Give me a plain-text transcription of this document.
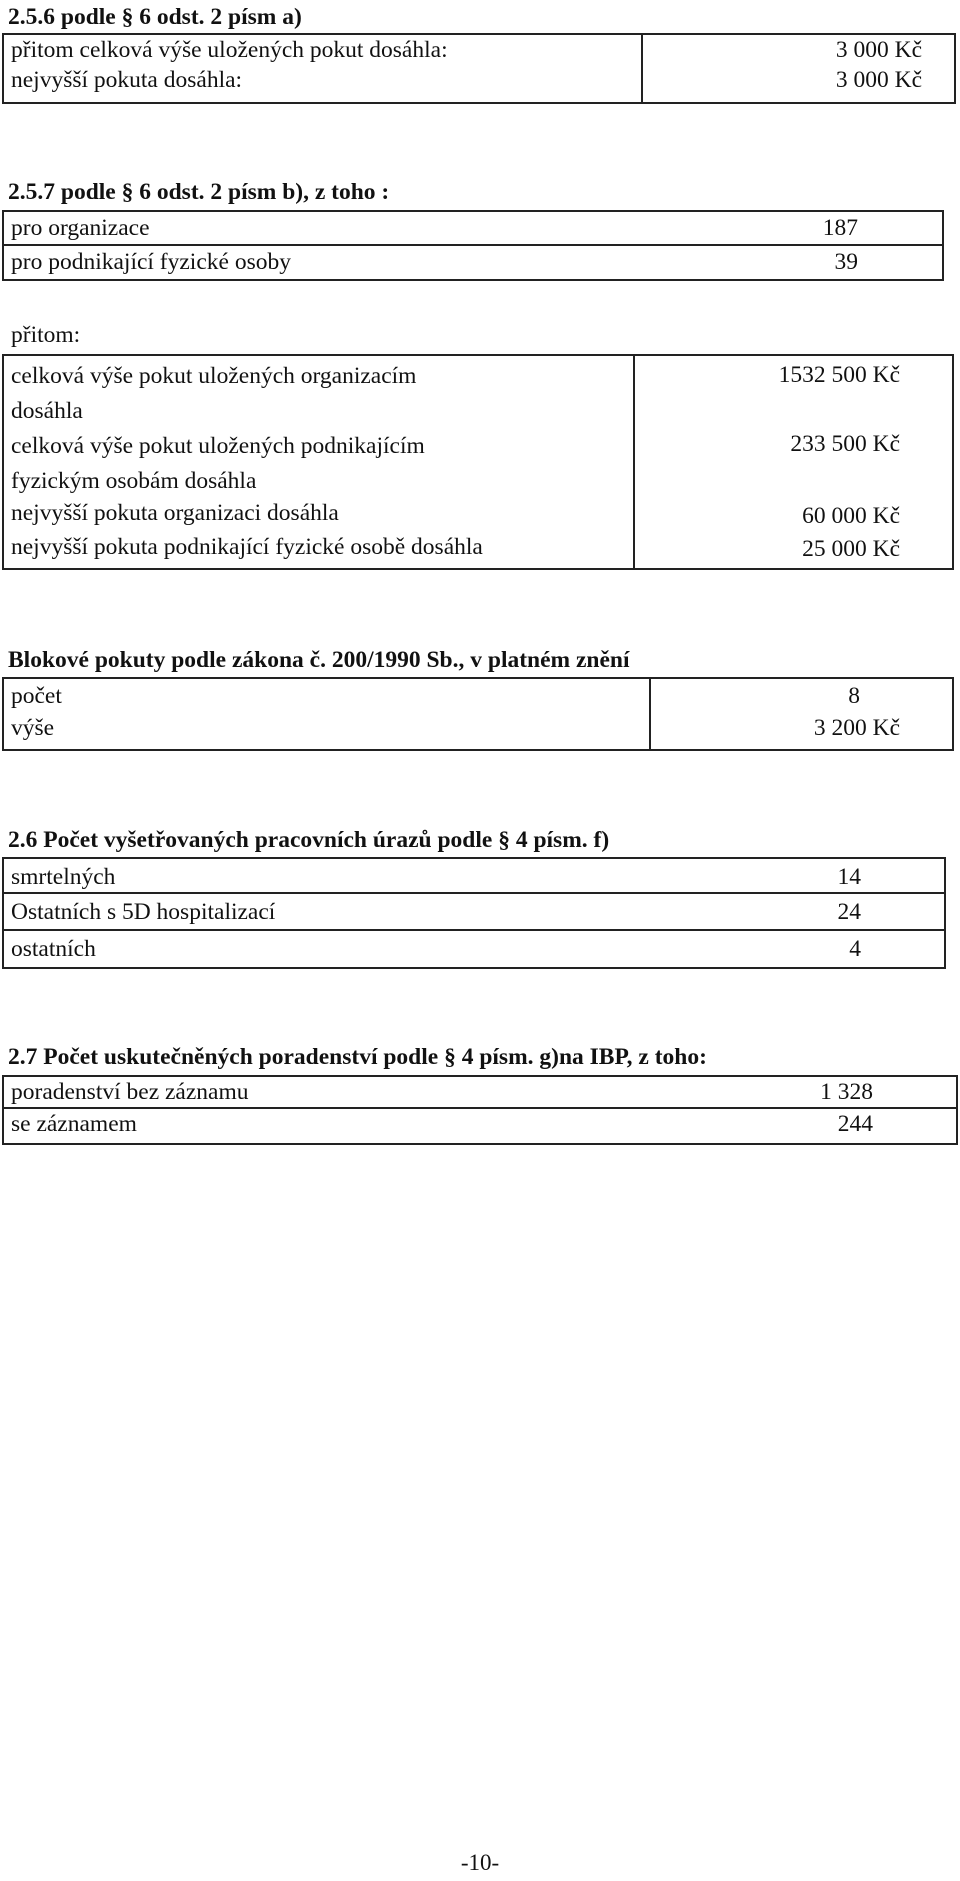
2.5.6 podle § 6 odst. 2 písm a)
přitom celková výše uložených pokut dosáhla:	3 000 Kč
nejvyšší pokuta dosáhla:	3 000 Kč
2.5.7 podle § 6 odst. 2 písm b), z toho :
pro organizace	187
pro podnikající fyzické osoby	39
přitom:
celková výše pokut uložených organizacím
dosáhla	1532 500 Kč
celková výše pokut uložených podnikajícím
fyzickým osobám dosáhla	233 500 Kč
nejvyšší pokuta organizaci dosáhla	60 000 Kč
nejvyšší pokuta podnikající fyzické osobě dosáhla	25 000 Kč
Blokové pokuty podle zákona č. 200/1990 Sb., v platném znění
počet	8
výše	3 200 Kč
2.6 Počet vyšetřovaných pracovních úrazů podle § 4 písm. f)
smrtelných	14
Ostatních s 5D hospitalizací	24
ostatních	4
2.7 Počet uskutečněných poradenství podle § 4 písm. g)na IBP, z toho:
poradenství bez záznamu	1 328
se záznamem	244
-10-
